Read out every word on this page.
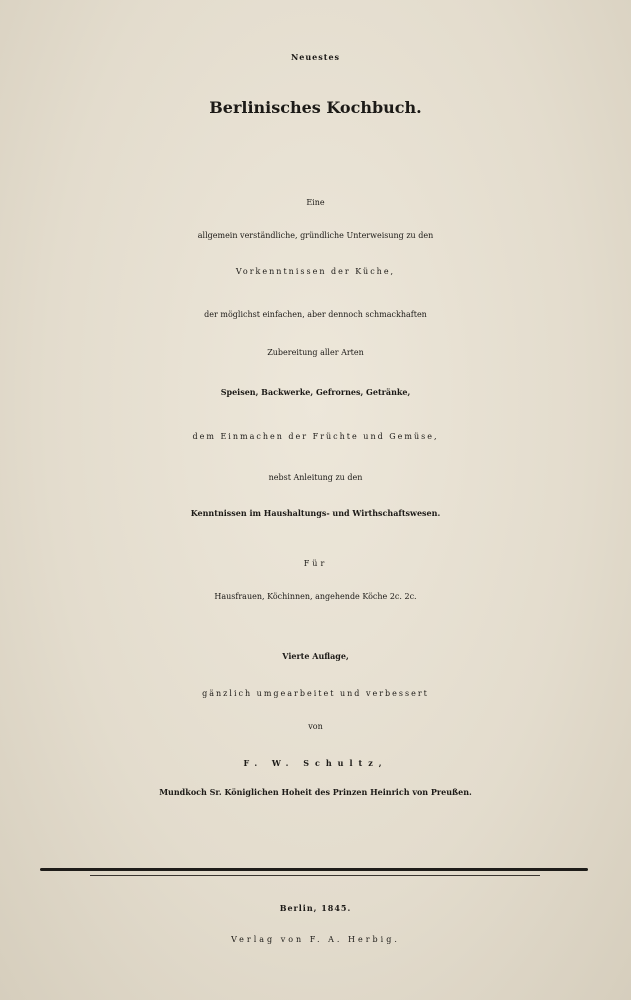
Neuestes
Berlinisches Kochbuch.
Eine
allgemein verständliche, gründliche Unterweisung zu den
Vorkenntnissen der Küche,
der möglichst einfachen, aber dennoch schmackhaften
Zubereitung aller Arten
Speisen, Backwerke, Gefrornes, Getränke,
dem Einmachen der Früchte und Gemüse,
nebst Anleitung zu den
Kenntnissen im Haushaltungs- und Wirthschaftswesen.
Für
Hausfrauen, Köchinnen, angehende Köche 2c. 2c.
Vierte Auflage,
gänzlich umgearbeitet und verbessert
von
F. W. Schultz,
Mundkoch Sr. Königlichen Hoheit des Prinzen Heinrich von Preußen.
Berlin, 1845.
Verlag von F. A. Herbig.
